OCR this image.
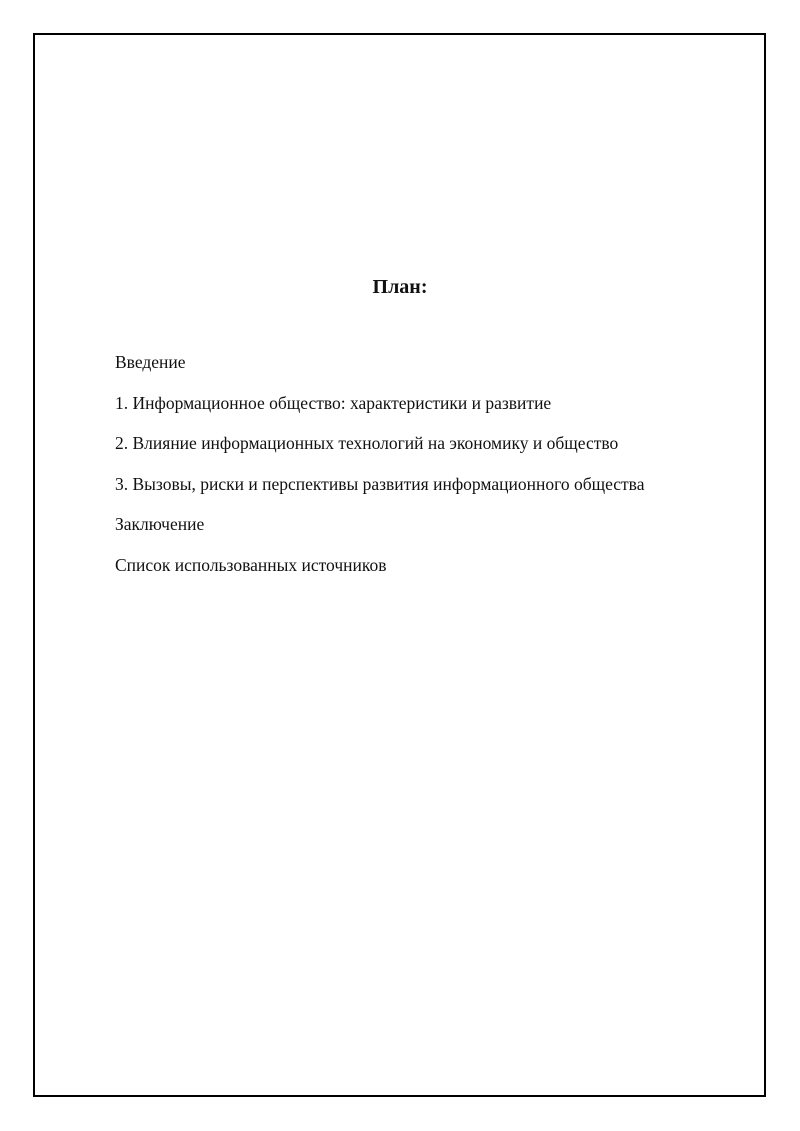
План:
Введение
1. Информационное общество: характеристики и развитие
2. Влияние информационных технологий на экономику и общество
3. Вызовы, риски и перспективы развития информационного общества
Заключение
Список использованных источников
